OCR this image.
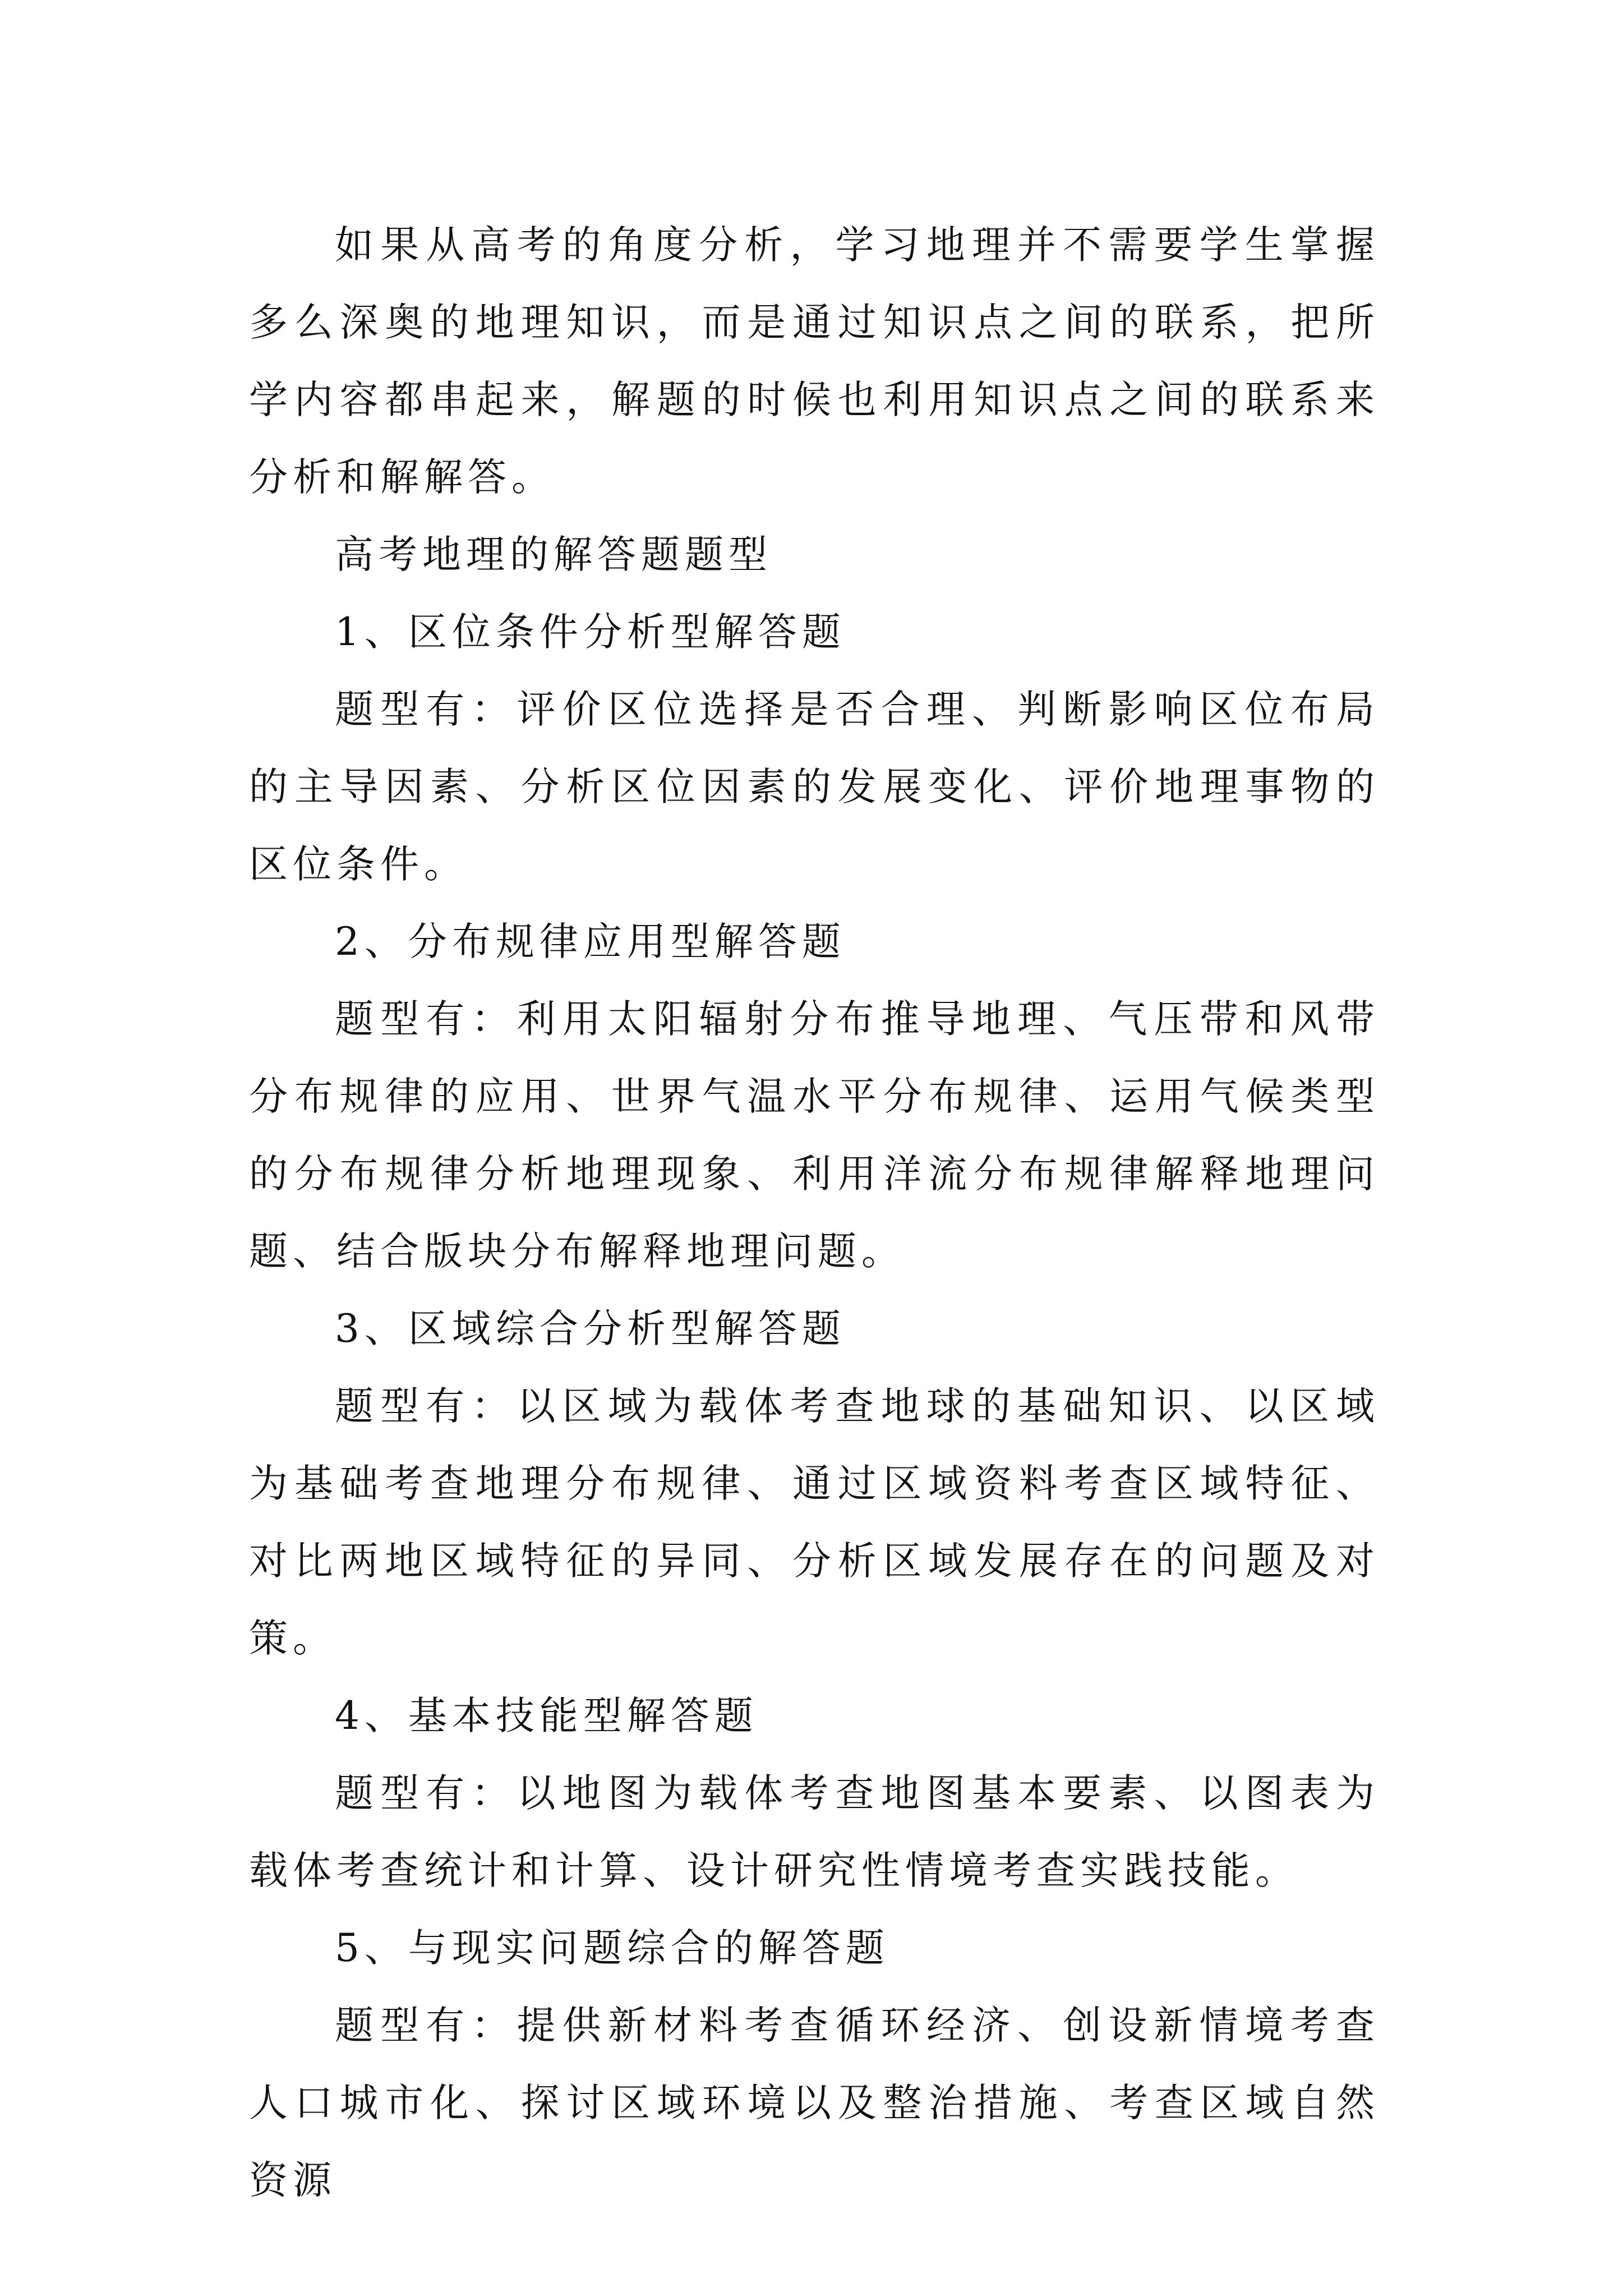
如果从高考的角度分析，学习地理并不需要学生掌握多么深奥的地理知识，而是通过知识点之间的联系，把所学内容都串起来，解题的时候也利用知识点之间的联系来分析和解解答。

高考地理的解答题题型

1、区位条件分析型解答题

题型有：评价区位选择是否合理、判断影响区位布局的主导因素、分析区位因素的发展变化、评价地理事物的区位条件。

2、分布规律应用型解答题

题型有：利用太阳辐射分布推导地理、气压带和风带分布规律的应用、世界气温水平分布规律、运用气候类型的分布规律分析地理现象、利用洋流分布规律解释地理问题、结合版块分布解释地理问题。

3、区域综合分析型解答题

题型有：以区域为载体考查地球的基础知识、以区域为基础考查地理分布规律、通过区域资料考查区域特征、对比两地区域特征的异同、分析区域发展存在的问题及对策。

4、基本技能型解答题

题型有：以地图为载体考查地图基本要素、以图表为载体考查统计和计算、设计研究性情境考查实践技能。

5、与现实问题综合的解答题

题型有：提供新材料考查循环经济、创设新情境考查人口城市化、探讨区域环境以及整治措施、考查区域自然资源
